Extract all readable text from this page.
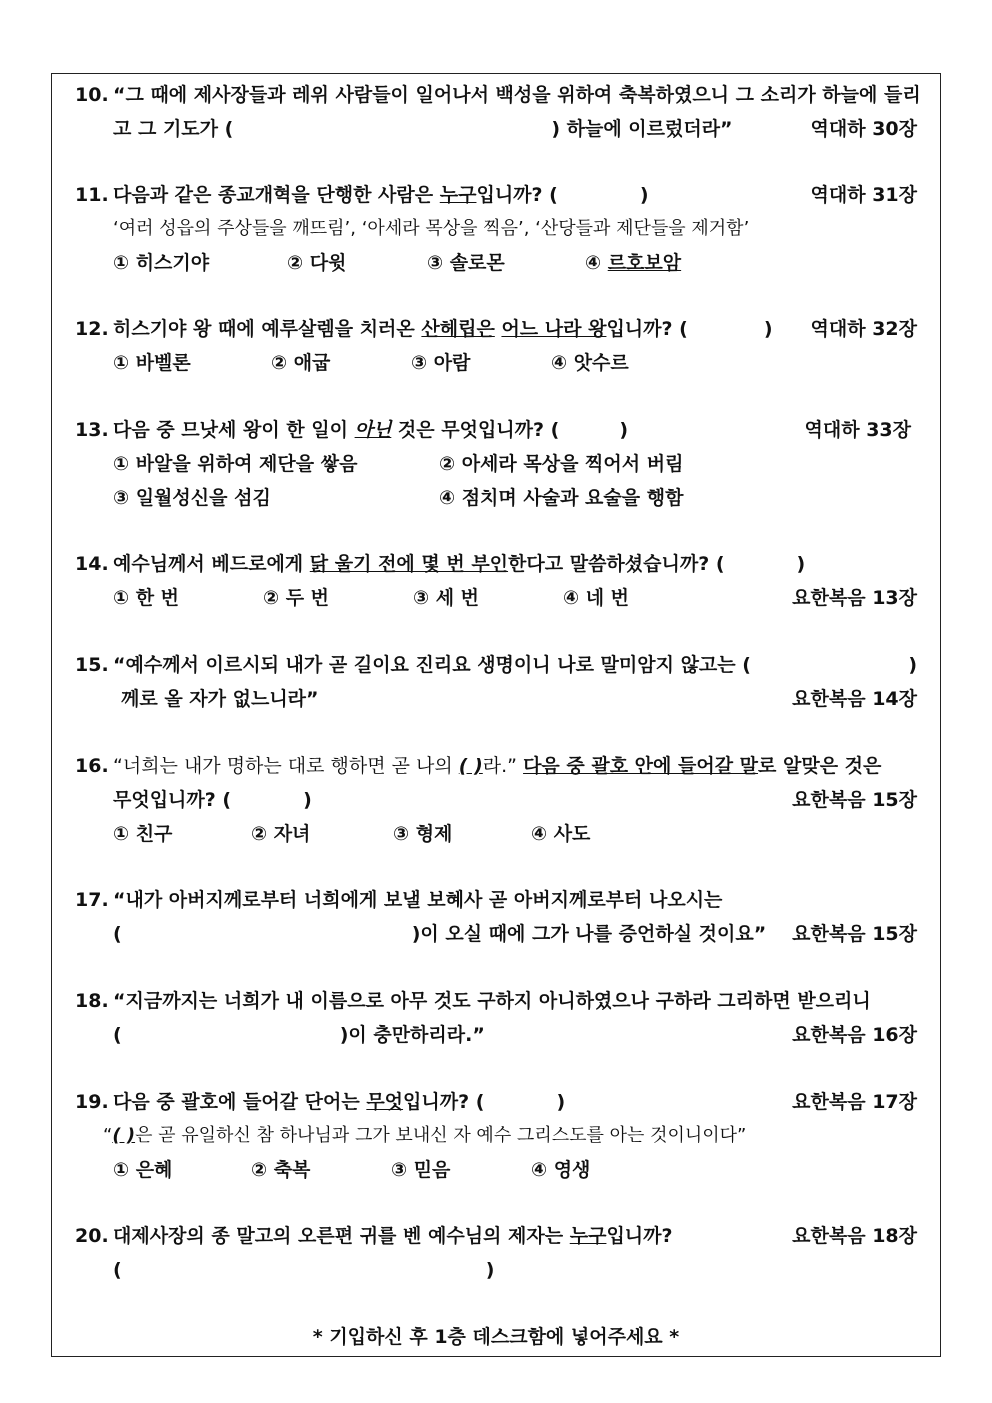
10. “그 때에 제사장들과 레위 사람들이 일어나서 백성을 위하여 축복하였으니 그 소리가 하늘에 들리
고 그 기도가 (	) 하늘에 이르렀더라”	역대하 30장
11. 다음과 같은 종교개혁을 단행한 사람은 누구입니까? (	)	역대하 31장
‘여러 성읍의 주상들을 깨뜨림’, ‘아세라 목상을 찍음’, ‘산당들과 제단들을 제거함’
① 히스기야	② 다윗	③ 솔로몬	④ 르호보암
12. 히스기야 왕 때에 예루살렘을 치러온 산헤립은 어느 나라 왕입니까? (	) 역대하 32장
① 바벨론	② 애굽	③ 아람	④ 앗수르
13. 다음 중 므낫세 왕이 한 일이 아닌 것은 무엇입니까? (	)	역대하 33장
① 바알을 위하여 제단을 쌓음	② 아세라 목상을 찍어서 버림
③ 일월성신을 섬김	④ 점치며 사술과 요술을 행함
14. 예수님께서 베드로에게 닭 울기 전에 몇 번 부인한다고 말씀하셨습니까? (	)
① 한 번	② 두 번	③ 세 번	④ 네 번	요한복음 13장
15. “예수께서 이르시되 내가 곧 길이요 진리요 생명이니 나로 말미암지 않고는 (	)
께로 올 자가 없느니라”	요한복음 14장
16. “너희는 내가 명하는 대로 행하면 곧 나의 ( )라.” 다음 중 괄호 안에 들어갈 말로 알맞은 것은
무엇입니까? (	)	요한복음 15장
① 친구	② 자녀	③ 형제	④ 사도
17. “내가 아버지께로부터 너희에게 보낼 보혜사 곧 아버지께로부터 나오시는
(	)이 오실 때에 그가 나를 증언하실 것이요” 요한복음 15장
18. “지금까지는 너희가 내 이름으로 아무 것도 구하지 아니하였으나 구하라 그리하면 받으리니
(	)이 충만하리라.”	요한복음 16장
19. 다음 중 괄호에 들어갈 단어는 무엇입니까? (	)	요한복음 17장
“( )은 곧 유일하신 참 하나님과 그가 보내신 자 예수 그리스도를 아는 것이니이다”
① 은혜	② 축복	③ 믿음	④ 영생
20. 대제사장의 종 말고의 오른편 귀를 벤 예수님의 제자는 누구입니까?	요한복음 18장
(	)
* 기입하신 후 1층 데스크함에 넣어주세요 *
